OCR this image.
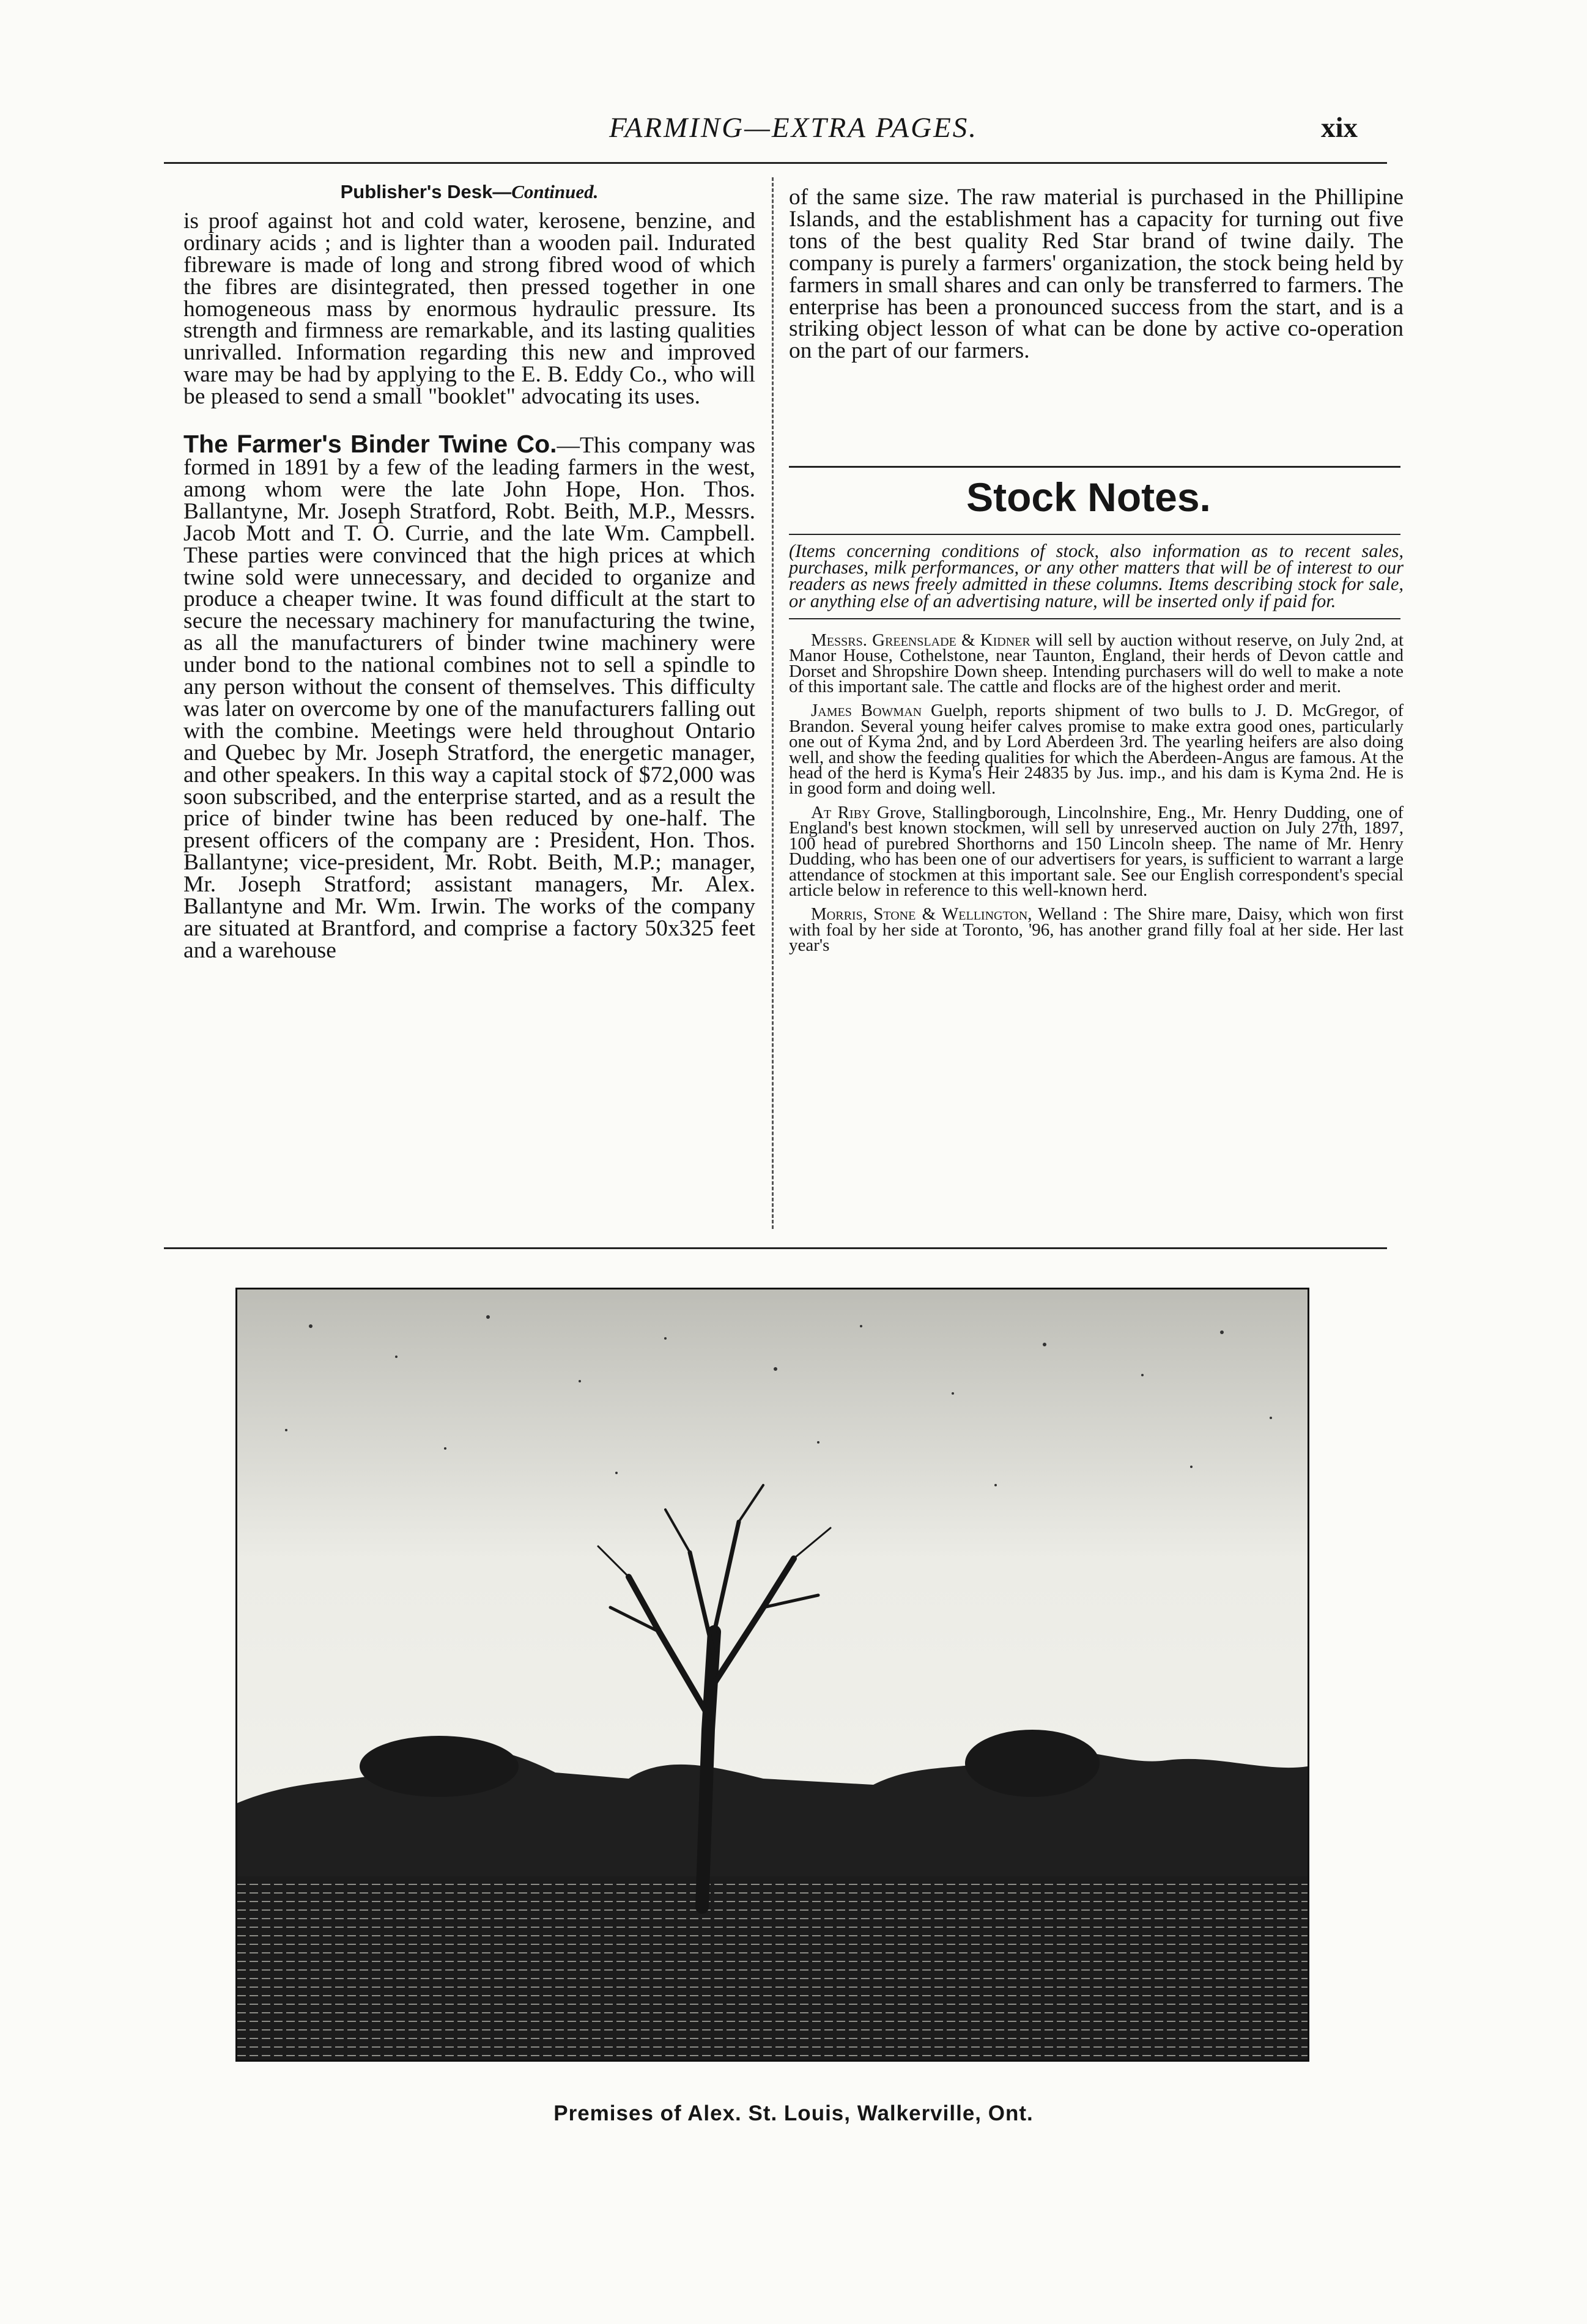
FARMING—EXTRA PAGES.	xix
Publisher's Desk—Continued.

is proof against hot and cold water, kerosene, benzine, and ordinary acids ; and is lighter than a wooden pail. Indurated fibreware is made of long and strong fibred wood of which the fibres are disintegrated, then pressed together in one homogeneous mass by enormous hydraulic pressure. Its strength and firmness are remarkable, and its lasting qualities unrivalled. Information regarding this new and improved ware may be had by applying to the E. B. Eddy Co., who will be pleased to send a small "booklet" advocating its uses.

The Farmer's Binder Twine Co.—This company was formed in 1891 by a few of the leading farmers in the west, among whom were the late John Hope, Hon. Thos. Ballantyne, Mr. Joseph Stratford, Robt. Beith, M.P., Messrs. Jacob Mott and T. O. Currie, and the late Wm. Campbell. These parties were convinced that the high prices at which twine sold were unnecessary, and decided to organize and produce a cheaper twine. It was found difficult at the start to secure the necessary machinery for manufacturing the twine, as all the manufacturers of binder twine machinery were under bond to the national combines not to sell a spindle to any person without the consent of themselves. This difficulty was later on overcome by one of the manufacturers falling out with the combine. Meetings were held throughout Ontario and Quebec by Mr. Joseph Stratford, the energetic manager, and other speakers. In this way a capital stock of $72,000 was soon subscribed, and the enterprise started, and as a result the price of binder twine has been reduced by one-half. The present officers of the company are : President, Hon. Thos. Ballantyne; vice-president, Mr. Robt. Beith, M.P.; manager, Mr. Joseph Stratford; assistant managers, Mr. Alex. Ballantyne and Mr. Wm. Irwin. The works of the company are situated at Brantford, and comprise a factory 50x325 feet and a warehouse

of the same size. The raw material is purchased in the Phillipine Islands, and the establishment has a capacity for turning out five tons of the best quality Red Star brand of twine daily. The company is purely a farmers' organization, the stock being held by farmers in small shares and can only be transferred to farmers. The enterprise has been a pronounced success from the start, and is a striking object lesson of what can be done by active co-operation on the part of our farmers.

Stock Notes.

(Items concerning conditions of stock, also information as to recent sales, purchases, milk performances, or any other matters that will be of interest to our readers as news freely admitted in these columns. Items describing stock for sale, or anything else of an advertising nature, will be inserted only if paid for.

Messrs. Greenslade & Kidner will sell by auction without reserve, on July 2nd, at Manor House, Cothelstone, near Taunton, England, their herds of Devon cattle and Dorset and Shropshire Down sheep. Intending purchasers will do well to make a note of this important sale. The cattle and flocks are of the highest order and merit.

James Bowman Guelph, reports shipment of two bulls to J. D. McGregor, of Brandon. Several young heifer calves promise to make extra good ones, particularly one out of Kyma 2nd, and by Lord Aberdeen 3rd. The yearling heifers are also doing well, and show the feeding qualities for which the Aberdeen-Angus are famous. At the head of the herd is Kyma's Heir 24835 by Jus. imp., and his dam is Kyma 2nd. He is in good form and doing well.

At Riby Grove, Stallingborough, Lincolnshire, Eng., Mr. Henry Dudding, one of England's best known stockmen, will sell by unreserved auction on July 27th, 1897, 100 head of purebred Shorthorns and 150 Lincoln sheep. The name of Mr. Henry Dudding, who has been one of our advertisers for years, is sufficient to warrant a large attendance of stockmen at this important sale. See our English correspondent's special article below in reference to this well-known herd.

Morris, Stone & Wellington, Welland : The Shire mare, Daisy, which won first with foal by her side at Toronto, '96, has another grand filly foal at her side. Her last year's

Premises of Alex. St. Louis, Walkerville, Ont.
